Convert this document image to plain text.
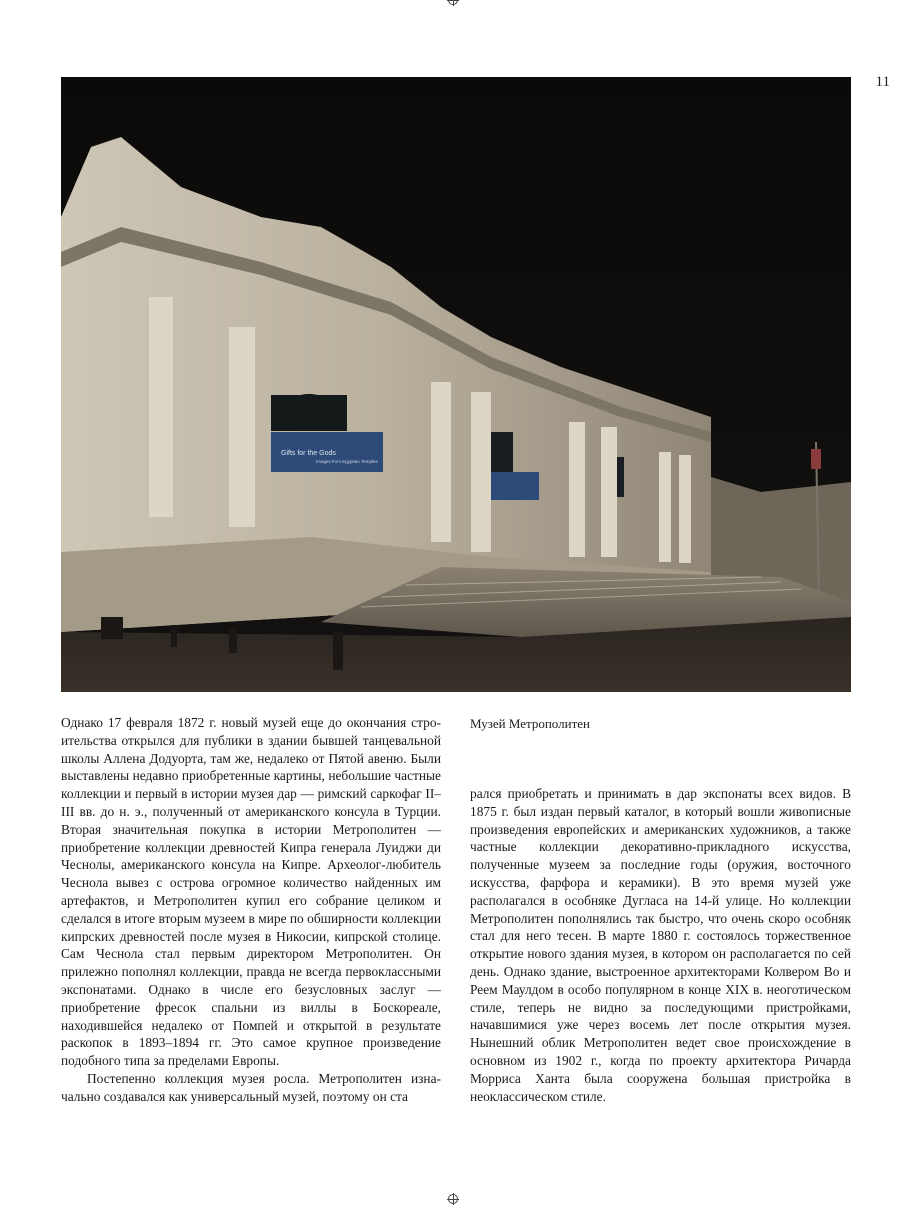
11
Gifts for the Gods
Images from Egyptian Temples
Музей Метрополитен

Однако 17 февраля 1872 г. новый музей еще до окончания строительства открылся для публики в здании бывшей танцевальной школы Аллена Додуорта, там же, недалеко от Пятой авеню. Были выставлены недавно приобретенные картины, небольшие частные коллекции и первый в истории музея дар — римский саркофаг II–III вв. до н. э., полученный от американского консула в Турции. Вторая значительная покупка в истории Метрополитен — приобретение коллекции древностей Кипра генерала Луиджи ди Чеснолы, американского консула на Кипре. Археолог-любитель Чеснола вывез с острова огромное количество найденных им артефактов, и Метрополитен купил его собрание целиком и сделался в итоге вторым музеем в мире по обширности коллекции кипрских древностей после музея в Никосии, кипрской столице. Сам Чеснола стал первым директором Метрополитен. Он прилежно пополнял коллекции, правда не всегда первоклассными экспонатами. Однако в числе его безусловных заслуг — приобретение фресок спальни из виллы в Боскореале, находившейся недалеко от Помпей и открытой в результате раскопок в 1893–1894 гг. Это самое крупное произведение подобного типа за пределами Европы.

Постепенно коллекция музея росла. Метрополитен изначально создавался как универсальный музей, поэтому он ста

рался приобретать и принимать в дар экспонаты всех видов. В 1875 г. был издан первый каталог, в который вошли живописные произведения европейских и американских художников, а также частные коллекции декоративно-прикладного искусства, полученные музеем за последние годы (оружия, восточного искусства, фарфора и керамики). В это время музей уже располагался в особняке Дугласа на 14-й улице. Но коллекции Метрополитен пополнялись так быстро, что очень скоро особняк стал для него тесен. В марте 1880 г. состоялось торжественное открытие нового здания музея, в котором он располагается по сей день. Однако здание, выстроенное архитекторами Колвером Во и Реем Маулдом в особо популярном в конце XIX в. неоготическом стиле, теперь не видно за последующими пристройками, начавшимися уже через восемь лет после открытия музея. Нынешний облик Метрополитен ведет свое происхождение в основном из 1902 г., когда по проекту архитектора Ричарда Морриса Ханта была сооружена большая пристройка в неоклассическом стиле.
